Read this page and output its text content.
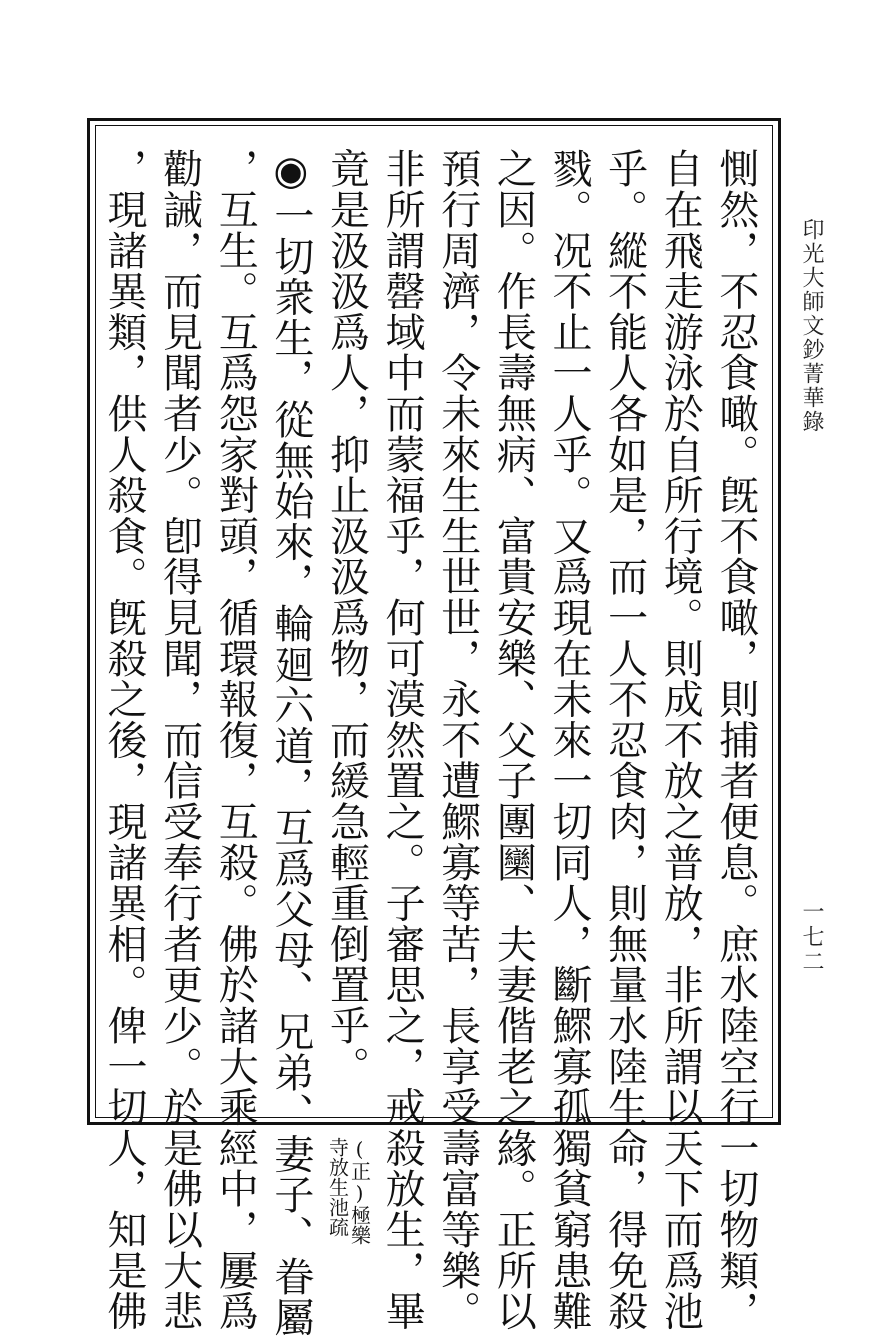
印光大師文鈔菁華錄
一七二
惻然，不忍食噉。旣不食噉，則捕者便息。庶水陸空行一切物類，
自在飛走游泳於自所行境。則成不放之普放，非所謂以天下而爲池
乎。縱不能人各如是，而一人不忍食肉，則無量水陸生命，得免殺
戮。况不止一人乎。又爲現在未來一切同人，斷鰥寡孤獨貧窮患難
之因。作長壽無病、富貴安樂、父子團圞、夫妻偕老之緣。正所以
預行周濟，令未來生生世世，永不遭鰥寡等苦，長享受壽富等樂。
非所謂罄域中而蒙福乎，何可漠然置之。子審思之，戒殺放生，畢
竟是汲汲爲人，抑止汲汲爲物，而緩急輕重倒置乎。 (正)極樂
寺放生池疏
◉一切衆生，從無始來，輪廻六道，互爲父母、兄弟、妻子、眷屬
，互生。互爲怨家對頭，循環報復，互殺。佛於諸大乘經中，屢爲
勸誡，而見聞者少。卽得見聞，而信受奉行者更少。於是佛以大悲
，現諸異類，供人殺食。旣殺之後，現諸異相。俾一切人，知是佛
